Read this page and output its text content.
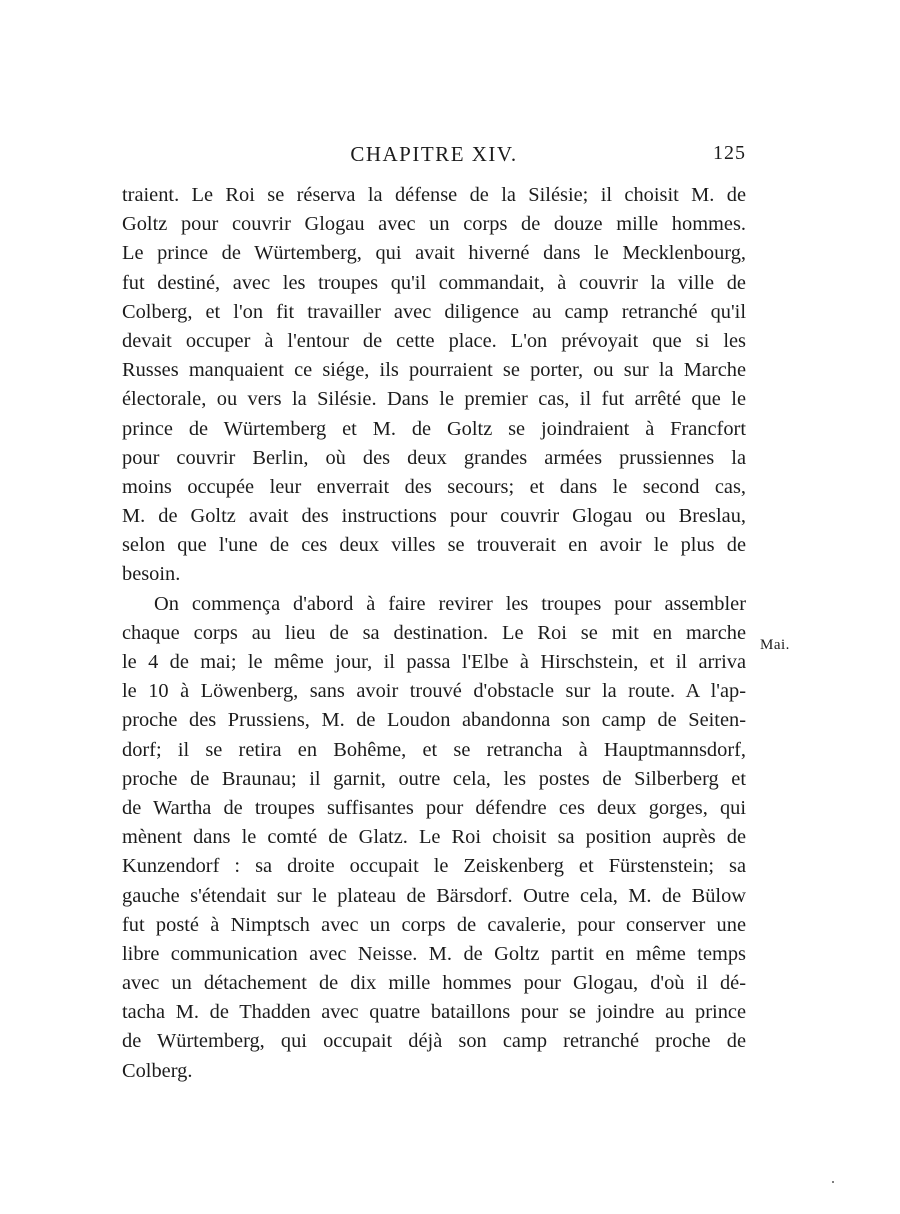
CHAPITRE XIV.	125
traient. Le Roi se réserva la défense de la Silésie; il choisit M. de
Goltz pour couvrir Glogau avec un corps de douze mille hommes.
Le prince de Würtemberg, qui avait hiverné dans le Mecklenbourg,
fut destiné, avec les troupes qu'il commandait, à couvrir la ville de
Colberg, et l'on fit travailler avec diligence au camp retranché qu'il
devait occuper à l'entour de cette place. L'on prévoyait que si les
Russes manquaient ce siége, ils pourraient se porter, ou sur la Marche
électorale, ou vers la Silésie. Dans le premier cas, il fut arrêté que le
prince de Würtemberg et M. de Goltz se joindraient à Francfort
pour couvrir Berlin, où des deux grandes armées prussiennes la
moins occupée leur enverrait des secours; et dans le second cas,
M. de Goltz avait des instructions pour couvrir Glogau ou Breslau,
selon que l'une de ces deux villes se trouverait en avoir le plus de
besoin.
On commença d'abord à faire revirer les troupes pour assembler
chaque corps au lieu de sa destination. Le Roi se mit en marche
le 4 de mai; le même jour, il passa l'Elbe à Hirschstein, et il arriva
le 10 à Löwenberg, sans avoir trouvé d'obstacle sur la route. A l'ap-
proche des Prussiens, M. de Loudon abandonna son camp de Seiten-
dorf; il se retira en Bohême, et se retrancha à Hauptmannsdorf,
proche de Braunau; il garnit, outre cela, les postes de Silberberg et
de Wartha de troupes suffisantes pour défendre ces deux gorges, qui
mènent dans le comté de Glatz. Le Roi choisit sa position auprès de
Kunzendorf : sa droite occupait le Zeiskenberg et Fürstenstein; sa
gauche s'étendait sur le plateau de Bärsdorf. Outre cela, M. de Bülow
fut posté à Nimptsch avec un corps de cavalerie, pour conserver une
libre communication avec Neisse. M. de Goltz partit en même temps
avec un détachement de dix mille hommes pour Glogau, d'où il dé-
tacha M. de Thadden avec quatre bataillons pour se joindre au prince
de Würtemberg, qui occupait déjà son camp retranché proche de
Colberg.
Mai.
